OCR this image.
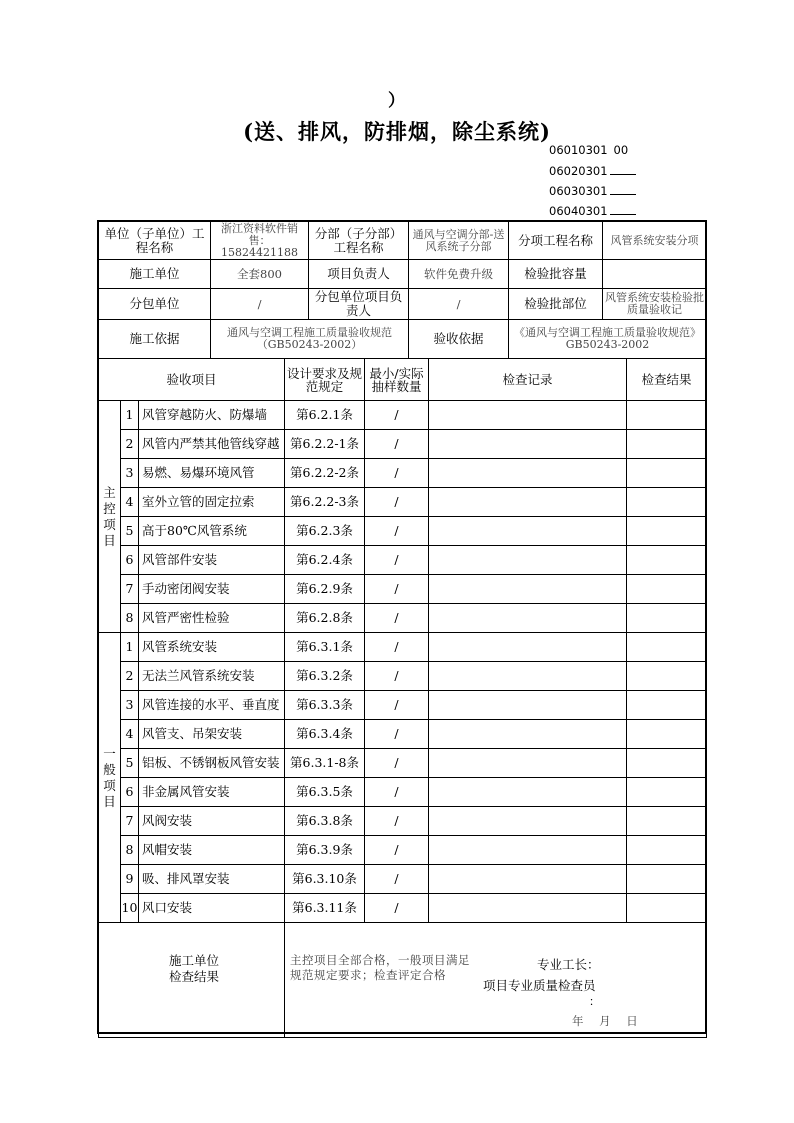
）
(送、排风，防排烟，除尘系统)
06010301 00
06020301
06030301
06040301
单位（子单位）工程名称	浙江资料软件销售：15824421188	分部（子分部）工程名称	通风与空调分部-送风系统子分部	分项工程名称	风管系统安装分项
施工单位	全套800	项目负责人	软件免费升级	检验批容量	
分包单位	/	分包单位项目负责人	/	检验批部位	风管系统安装检验批质量验收记
施工依据	通风与空调工程施工质量验收规范（GB50243-2002）		验收依据	《通风与空调工程施工质量验收规范》GB50243-2002	
验收项目			设计要求及规范规定	最小/实际抽样数量	检查记录	检查结果
主控项目	1	风管穿越防火、防爆墙	第6.2.1条	/		
	2	风管内严禁其他管线穿越	第6.2.2-1条	/		
	3	易燃、易爆环境风管	第6.2.2-2条	/		
	4	室外立管的固定拉索	第6.2.2-3条	/		
	5	高于80℃风管系统	第6.2.3条	/		
	6	风管部件安装	第6.2.4条	/		
	7	手动密闭阀安装	第6.2.9条	/		
	8	风管严密性检验	第6.2.8条	/		
一般项目	1	风管系统安装	第6.3.1条	/		
	2	无法兰风管系统安装	第6.3.2条	/		
	3	风管连接的水平、垂直度	第6.3.3条	/		
	4	风管支、吊架安装	第6.3.4条	/		
	5	铝板、不锈钢板风管安装	第6.3.1-8条	/		
	6	非金属风管安装	第6.3.5条	/		
	7	风阀安装	第6.3.8条	/		
	8	风帽安装	第6.3.9条	/		
	9	吸、排风罩安装	第6.3.10条	/		
	10	风口安装	第6.3.11条	/		

施工单位检查结果
主控项目全部合格，一般项目满足规范规定要求；检查评定合格
专业工长：
项目专业质量检查员
：
年 月 日
